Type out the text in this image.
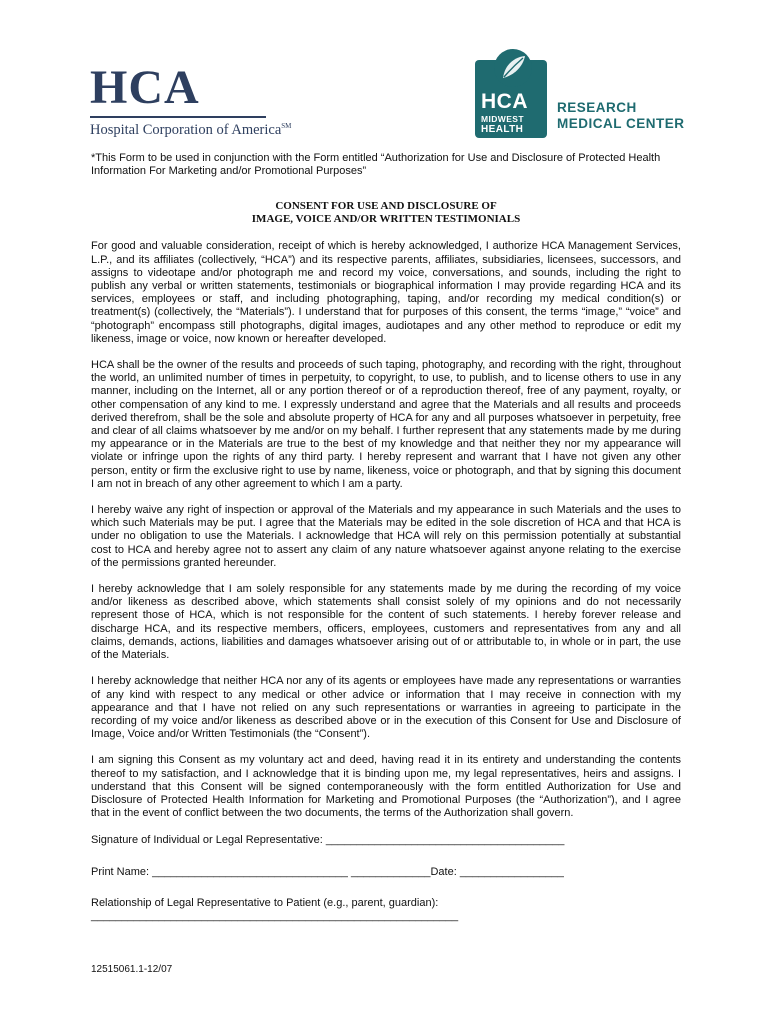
HCA
Hospital Corporation of America℠
HCA
MIDWEST
HEALTH
RESEARCH
MEDICAL CENTER

*This Form to be used in conjunction with the Form entitled “Authorization for Use and Disclosure of Protected Health Information For Marketing and/or Promotional Purposes”

CONSENT FOR USE AND DISCLOSURE OF
IMAGE, VOICE AND/OR WRITTEN TESTIMONIALS

For good and valuable consideration, receipt of which is hereby acknowledged, I authorize HCA Management Services, L.P., and its affiliates (collectively, “HCA”) and its respective parents, affiliates, subsidiaries, licensees, successors, and assigns to videotape and/or photograph me and record my voice, conversations, and sounds, including the right to publish any verbal or written statements, testimonials or biographical information I may provide regarding HCA and its services, employees or staff, and including photographing, taping, and/or recording my medical condition(s) or treatment(s) (collectively, the “Materials”). I understand that for purposes of this consent, the terms “image,” “voice” and “photograph” encompass still photographs, digital images, audiotapes and any other method to reproduce or edit my likeness, image or voice, now known or hereafter developed.

HCA shall be the owner of the results and proceeds of such taping, photography, and recording with the right, throughout the world, an unlimited number of times in perpetuity, to copyright, to use, to publish, and to license others to use in any manner, including on the Internet, all or any portion thereof or of a reproduction thereof, free of any payment, royalty, or other compensation of any kind to me. I expressly understand and agree that the Materials and all results and proceeds derived therefrom, shall be the sole and absolute property of HCA for any and all purposes whatsoever in perpetuity, free and clear of all claims whatsoever by me and/or on my behalf. I further represent that any statements made by me during my appearance or in the Materials are true to the best of my knowledge and that neither they nor my appearance will violate or infringe upon the rights of any third party. I hereby represent and warrant that I have not given any other person, entity or firm the exclusive right to use by name, likeness, voice or photograph, and that by signing this document I am not in breach of any other agreement to which I am a party.

I hereby waive any right of inspection or approval of the Materials and my appearance in such Materials and the uses to which such Materials may be put. I agree that the Materials may be edited in the sole discretion of HCA and that HCA is under no obligation to use the Materials. I acknowledge that HCA will rely on this permission potentially at substantial cost to HCA and hereby agree not to assert any claim of any nature whatsoever against anyone relating to the exercise of the permissions granted hereunder.

I hereby acknowledge that I am solely responsible for any statements made by me during the recording of my voice and/or likeness as described above, which statements shall consist solely of my opinions and do not necessarily represent those of HCA, which is not responsible for the content of such statements. I hereby forever release and discharge HCA, and its respective members, officers, employees, customers and representatives from any and all claims, demands, actions, liabilities and damages whatsoever arising out of or attributable to, in whole or in part, the use of the Materials.

I hereby acknowledge that neither HCA nor any of its agents or employees have made any representations or warranties of any kind with respect to any medical or other advice or information that I may receive in connection with my appearance and that I have not relied on any such representations or warranties in agreeing to participate in the recording of my voice and/or likeness as described above or in the execution of this Consent for Use and Disclosure of Image, Voice and/or Written Testimonials (the “Consent”).

I am signing this Consent as my voluntary act and deed, having read it in its entirety and understanding the contents thereof to my satisfaction, and I acknowledge that it is binding upon me, my legal representatives, heirs and assigns. I understand that this Consent will be signed contemporaneously with the form entitled Authorization for Use and Disclosure of Protected Health Information for Marketing and Promotional Purposes (the “Authorization”), and I agree that in the event of conflict between the two documents, the terms of the Authorization shall govern.

Signature of Individual or Legal Representative: _______________________________________
Print Name: ________________________________ _____________Date: _________________
Relationship of Legal Representative to Patient (e.g., parent, guardian):
____________________________________________________________
12515061.1-12/07
